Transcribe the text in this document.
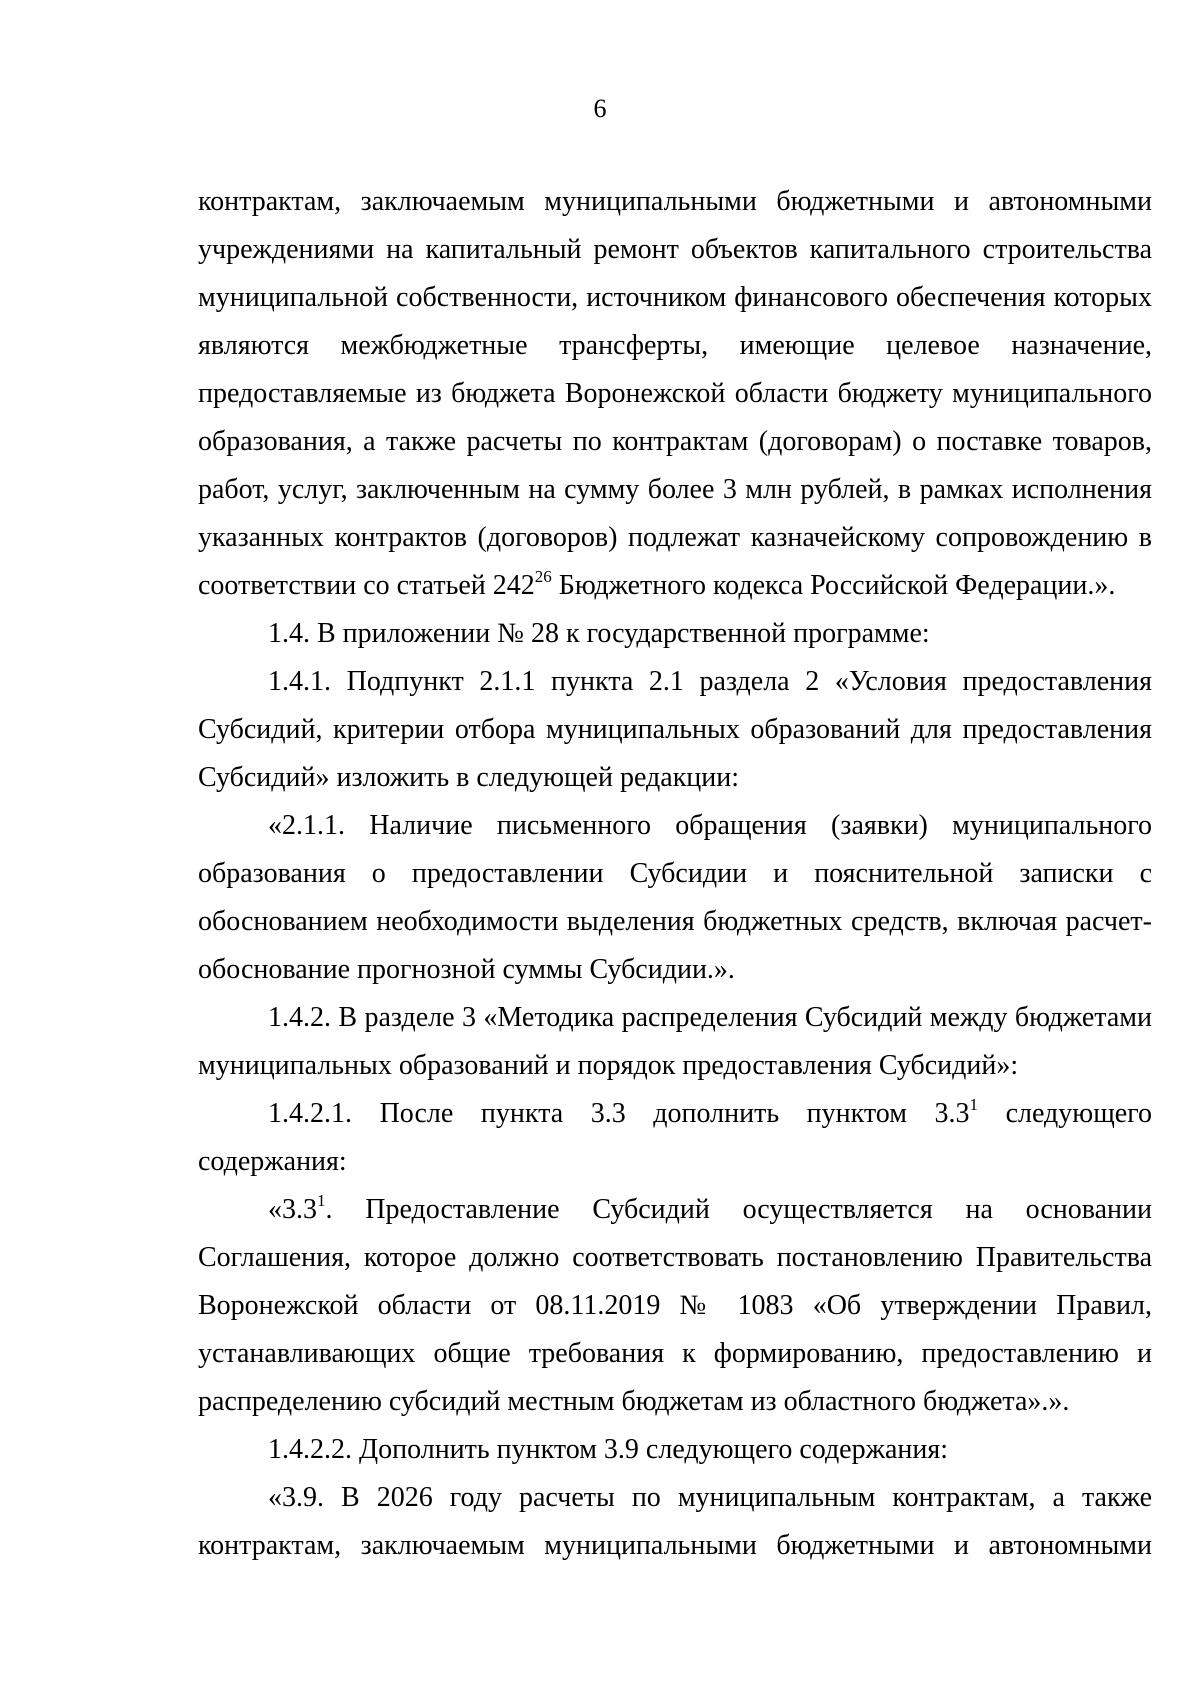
6

контрактам, заключаемым муниципальными бюджетными и автономными учреждениями на капитальный ремонт объектов капитального строительства муниципальной собственности, источником финансового обеспечения которых являются межбюджетные трансферты, имеющие целевое назначение, предоставляемые из бюджета Воронежской области бюджету муниципального образования, а также расчеты по контрактам (договорам) о поставке товаров, работ, услуг, заключенным на сумму более 3 млн рублей, в рамках исполнения указанных контрактов (договоров) подлежат казначейскому сопровождению в соответствии со статьей $242^{26}$ Бюджетного кодекса Российской Федерации.».

1.4. В приложении № 28 к государственной программе:

1.4.1. Подпункт 2.1.1 пункта 2.1 раздела 2 «Условия предоставления Субсидий, критерии отбора муниципальных образований для предоставления Субсидий» изложить в следующей редакции:

«2.1.1. Наличие письменного обращения (заявки) муниципального образования о предоставлении Субсидии и пояснительной записки с обоснованием необходимости выделения бюджетных средств, включая расчет-обоснование прогнозной суммы Субсидии.».

1.4.2. В разделе 3 «Методика распределения Субсидий между бюджетами муниципальных образований и порядок предоставления Субсидий»:

1.4.2.1. После пункта 3.3 дополнить пунктом $3.3^1$ следующего содержания:

«$3.3^1$. Предоставление Субсидий осуществляется на основании Соглашения, которое должно соответствовать постановлению Правительства Воронежской области от 08.11.2019 № 1083 «Об утверждении Правил, устанавливающих общие требования к формированию, предоставлению и распределению субсидий местным бюджетам из областного бюджета».».

1.4.2.2. Дополнить пунктом 3.9 следующего содержания:

«3.9. В 2026 году расчеты по муниципальным контрактам, а также контрактам, заключаемым муниципальными бюджетными и автономными
